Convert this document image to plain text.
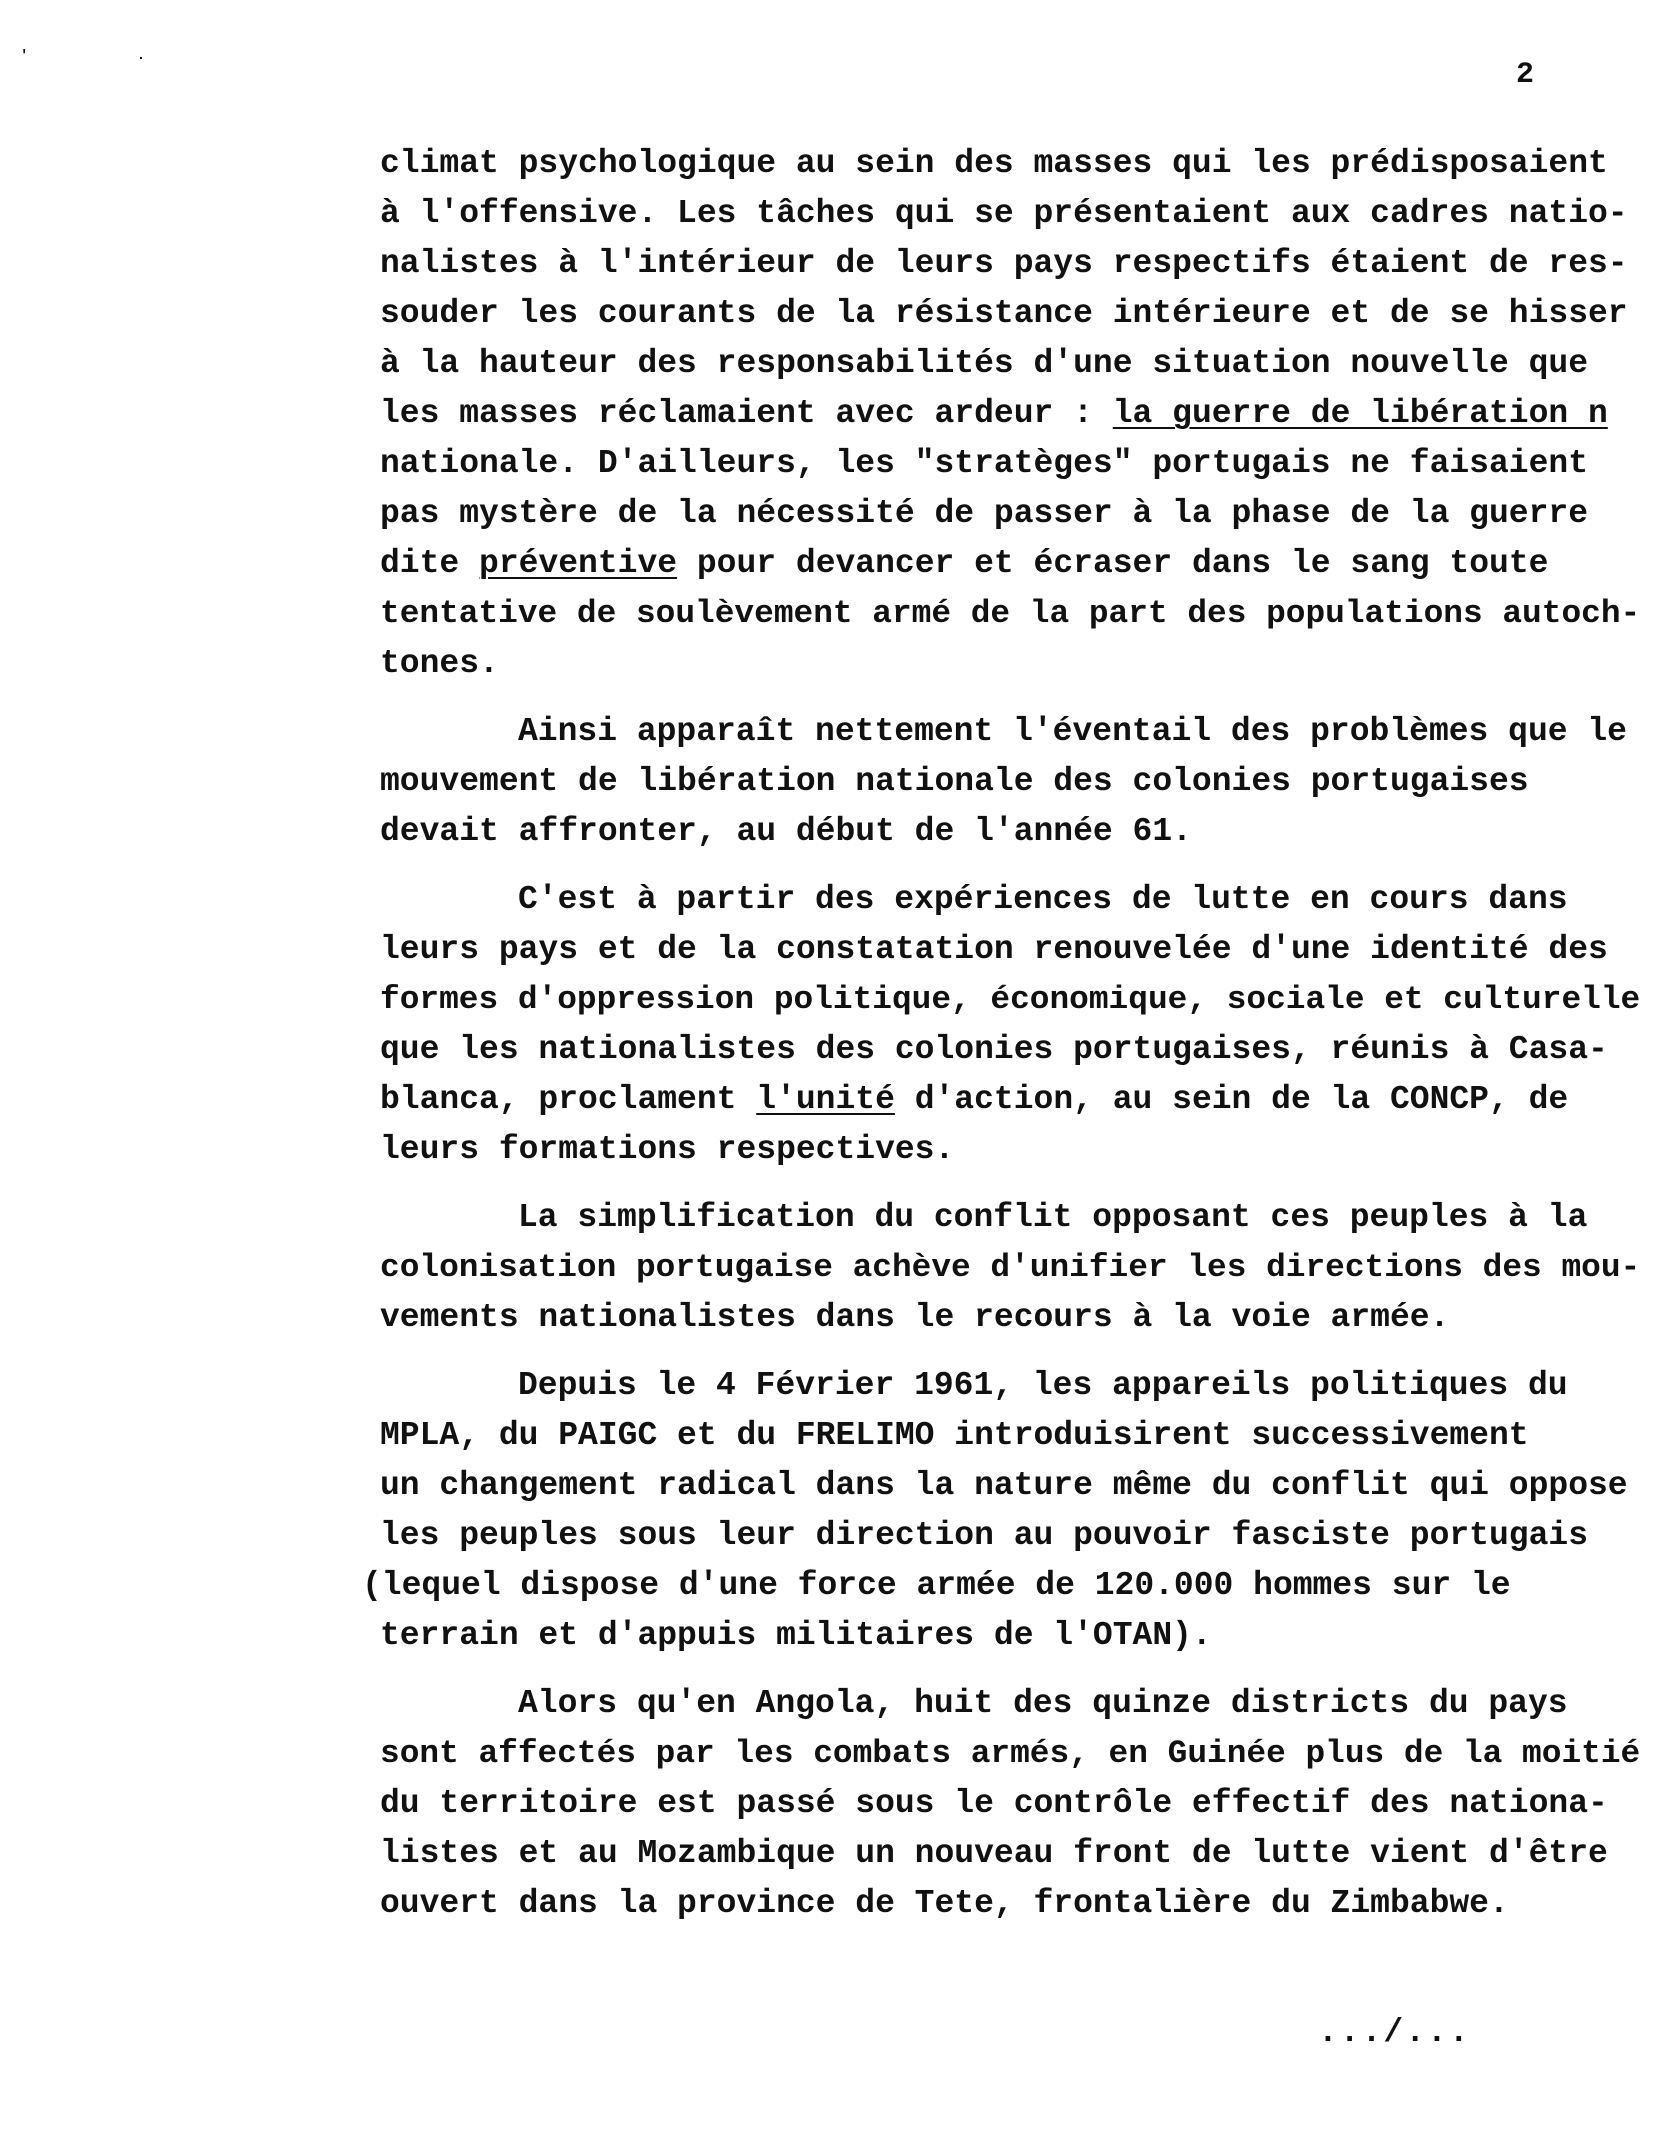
' .
2
climat psychologique au sein des masses qui les prédisposaient
à l'offensive. Les tâches qui se présentaient aux cadres natio-
nalistes à l'intérieur de leurs pays respectifs étaient de res-
souder les courants de la résistance intérieure et de se hisser
à la hauteur des responsabilités d'une situation nouvelle que
les masses réclamaient avec ardeur : la guerre de libération n
nationale. D'ailleurs, les "stratèges" portugais ne faisaient
pas mystère de la nécessité de passer à la phase de la guerre
dite préventive pour devancer et écraser dans le sang toute
tentative de soulèvement armé de la part des populations autoch-
tones.
Ainsi apparaît nettement l'éventail des problèmes que le
mouvement de libération nationale des colonies portugaises
devait affronter, au début de l'année 61.
C'est à partir des expériences de lutte en cours dans
leurs pays et de la constatation renouvelée d'une identité des
formes d'oppression politique, économique, sociale et culturelle
que les nationalistes des colonies portugaises, réunis à Casa-
blanca, proclament l'unité d'action, au sein de la CONCP, de
leurs formations respectives.
La simplification du conflit opposant ces peuples à la
colonisation portugaise achève d'unifier les directions des mou-
vements nationalistes dans le recours à la voie armée.
Depuis le 4 Février 1961, les appareils politiques du
MPLA, du PAIGC et du FRELIMO introduisirent successivement
un changement radical dans la nature même du conflit qui oppose
les peuples sous leur direction au pouvoir fasciste portugais
(lequel dispose d'une force armée de 120.000 hommes sur le
terrain et d'appuis militaires de l'OTAN).
Alors qu'en Angola, huit des quinze districts du pays
sont affectés par les combats armés, en Guinée plus de la moitié
du territoire est passé sous le contrôle effectif des nationa-
listes et au Mozambique un nouveau front de lutte vient d'être
ouvert dans la province de Tete, frontalière du Zimbabwe.
.../...
